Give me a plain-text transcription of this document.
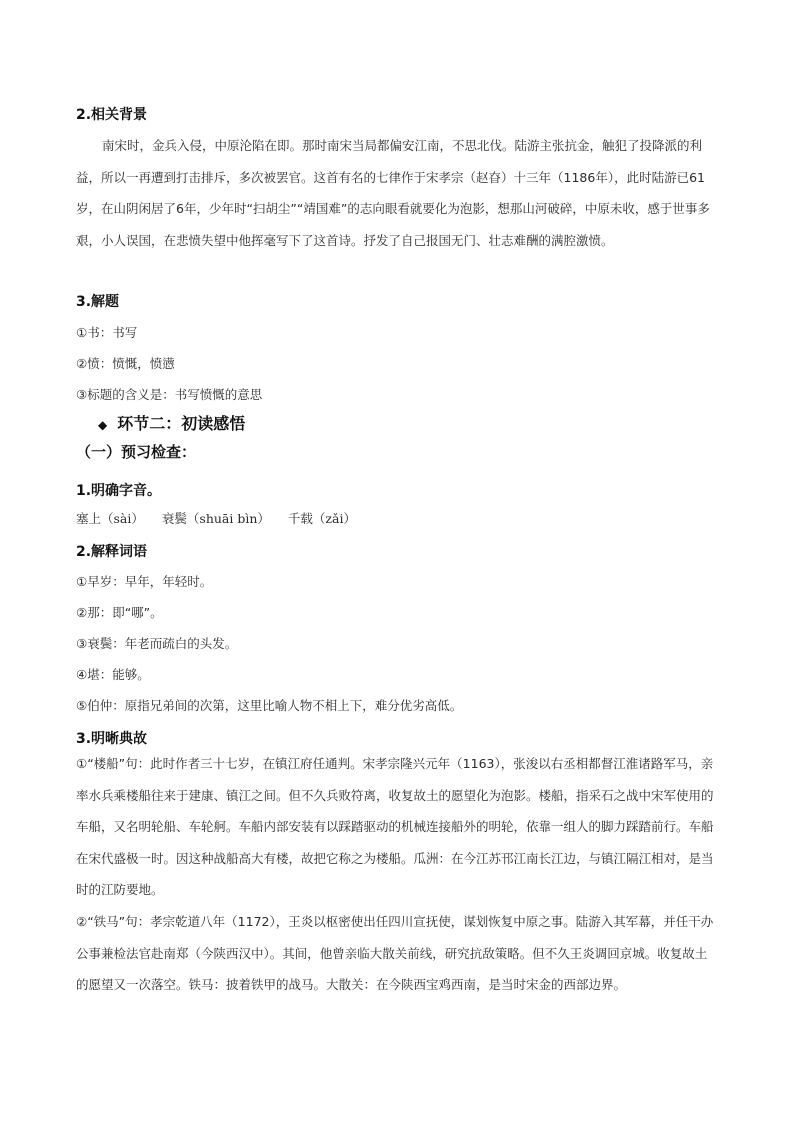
2.相关背景
南宋时，金兵入侵，中原沦陷在即。那时南宋当局都偏安江南，不思北伐。陆游主张抗金，触犯了投降派的利益，所以一再遭到打击排斥，多次被罢官。这首有名的七律作于宋孝宗（赵昚）十三年（1186年），此时陆游已61岁，在山阴闲居了6年，少年时“扫胡尘”“靖国难”的志向眼看就要化为泡影，想那山河破碎，中原未收，感于世事多艰，小人误国，在悲愤失望中他挥毫写下了这首诗。抒发了自己报国无门、壮志难酬的满腔激愤。
3.解题
①书：书写
②愤：愤慨，愤懑
③标题的含义是：书写愤慨的意思
◆ 环节二：初读感悟
（一）预习检查：
1.明确字音。
塞上（sài） 衰鬓（shuāi bìn） 千载（zǎi）
2.解释词语
①早岁：早年，年轻时。
②那：即“哪”。
③衰鬓：年老而疏白的头发。
④堪：能够。
⑤伯仲：原指兄弟间的次第，这里比喻人物不相上下，难分优劣高低。
3.明晰典故
①“楼船”句：此时作者三十七岁，在镇江府任通判。宋孝宗隆兴元年（1163），张浚以右丞相都督江淮诸路军马，亲率水兵乘楼船往来于建康、镇江之间。但不久兵败符离，收复故土的愿望化为泡影。楼船，指采石之战中宋军使用的车船，又名明轮船、车轮舸。车船内部安装有以踩踏驱动的机械连接船外的明轮，依靠一组人的脚力踩踏前行。车船在宋代盛极一时。因这种战船高大有楼，故把它称之为楼船。瓜洲：在今江苏邗江南长江边，与镇江隔江相对，是当时的江防要地。
②“铁马”句：孝宗乾道八年（1172），王炎以枢密使出任四川宣抚使，谋划恢复中原之事。陆游入其军幕，并任干办公事兼检法官赴南郑（今陕西汉中）。其间，他曾亲临大散关前线，研究抗敌策略。但不久王炎调回京城。收复故土的愿望又一次落空。铁马：披着铁甲的战马。大散关：在今陕西宝鸡西南，是当时宋金的西部边界。
